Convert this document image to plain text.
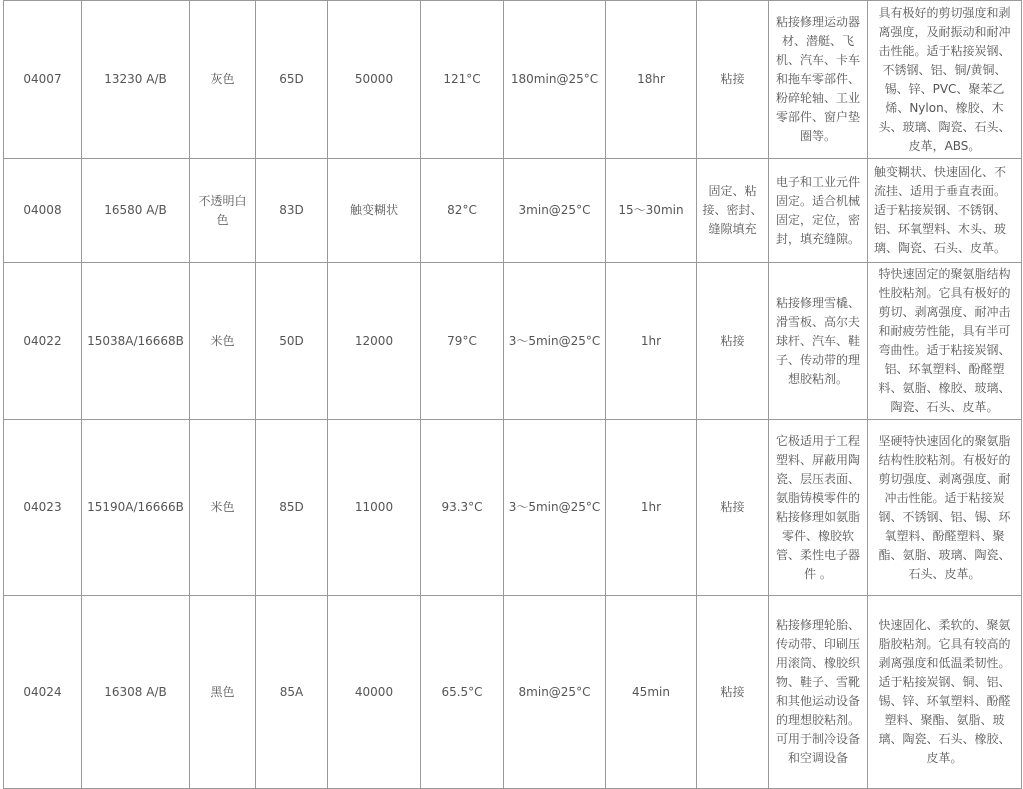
04007	13230 A/B	灰色	65D	50000	121°C	180min@25°C	18hr	粘接	粘接修理运动器材、潜艇、飞机、汽车、卡车和拖车零部件、粉碎轮轴、工业零部件、窗户垫圈等。	具有极好的剪切强度和剥离强度，及耐振动和耐冲击性能。适于粘接炭钢、不锈钢、铝、铜/黄铜、锡、锌、PVC、聚苯乙烯、Nylon、橡胶、木头、玻璃、陶瓷、石头、皮革，ABS。
04008	16580 A/B	不透明白色	83D	触变糊状	82°C	3min@25°C	15～30min	固定、粘接、密封、缝隙填充	电子和工业元件固定。适合机械固定，定位，密封，填充缝隙。	触变糊状、快速固化、不流挂、适用于垂直表面。适于粘接炭钢、不锈钢、铝、环氧塑料、木头、玻璃、陶瓷、石头、皮革。
04022	15038A/16668B	米色	50D	12000	79°C	3～5min@25°C	1hr	粘接	粘接修理雪橇、滑雪板、高尔夫球杆、汽车、鞋子、传动带的理想胶粘剂。	特快速固定的聚氨脂结构性胶粘剂。它具有极好的剪切、剥离强度、耐冲击和耐疲劳性能，具有半可弯曲性。适于粘接炭钢、铝、环氧塑料、酚醛塑料、氨脂、橡胶、玻璃、陶瓷、石头、皮革。
04023	15190A/16666B	米色	85D	11000	93.3°C	3～5min@25°C	1hr	粘接	它极适用于工程塑料、屏蔽用陶瓷、层压表面、氨脂铸模零件的粘接修理如氨脂零件、橡胶软管、柔性电子器件 。	坚硬特快速固化的聚氨脂结构性胶粘剂。有极好的剪切强度、剥离强度、耐冲击性能。适于粘接炭钢、不锈钢、铝、锡、环氧塑料、酚醛塑料、聚酯、氨脂、玻璃、陶瓷、石头、皮革。
04024	16308 A/B	黑色	85A	40000	65.5°C	8min@25°C	45min	粘接	粘接修理轮胎、传动带、印刷压用滚筒、橡胶织物、鞋子、雪靴和其他运动设备的理想胶粘剂。可用于制冷设备和空调设备	快速固化、柔软的、聚氨脂胶粘剂。它具有较高的剥离强度和低温柔韧性。适于粘接炭钢、铜、铝、锡、锌、环氧塑料、酚醛塑料、聚酯、氨脂、玻璃、陶瓷、石头、橡胶、皮革。
